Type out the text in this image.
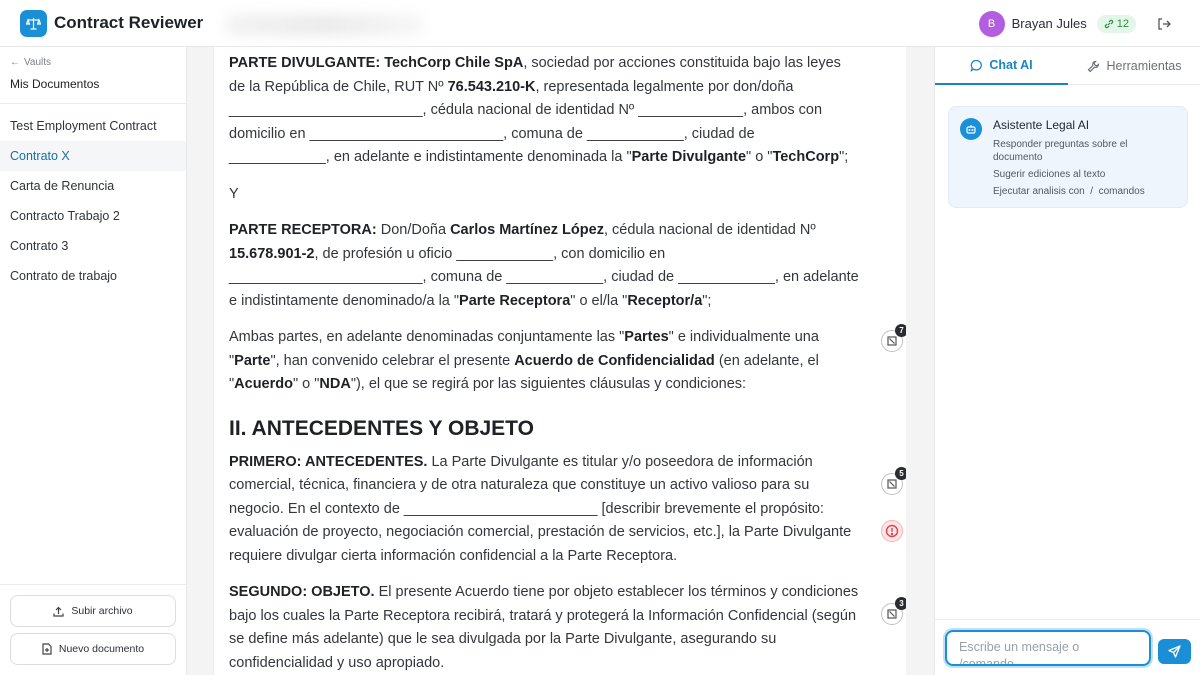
Contract Reviewer	B	Brayan Jules	12
← Vaults
Mis Documentos
Test Employment Contract
Contrato X
Carta de Renuncia
Contracto Trabajo 2
Contrato 3
Contrato de trabajo
Subir archivo
Nuevo documento

PARTE DIVULGANTE: TechCorp Chile SpA, sociedad por acciones constituida bajo las leyes de la República de Chile, RUT Nº 76.543.210-K, representada legalmente por don/doña ________________________, cédula nacional de identidad Nº _____________, ambos con domicilio en ________________________, comuna de ____________, ciudad de ____________, en adelante e indistintamente denominada la "Parte Divulgante" o "TechCorp";

Y

PARTE RECEPTORA: Don/Doña Carlos Martínez López, cédula nacional de identidad Nº 15.678.901-2, de profesión u oficio ____________, con domicilio en ________________________, comuna de ____________, ciudad de ____________, en adelante e indistintamente denominado/a la "Parte Receptora" o el/la "Receptor/a";

Ambas partes, en adelante denominadas conjuntamente las "Partes" e individualmente una "Parte", han convenido celebrar el presente Acuerdo de Confidencialidad (en adelante, el "Acuerdo" o "NDA"), el que se regirá por las siguientes cláusulas y condiciones:

II. ANTECEDENTES Y OBJETO

PRIMERO: ANTECEDENTES. La Parte Divulgante es titular y/o poseedora de información comercial, técnica, financiera y de otra naturaleza que constituye un activo valioso para su negocio. En el contexto de ________________________ [describir brevemente el propósito: evaluación de proyecto, negociación comercial, prestación de servicios, etc.], la Parte Divulgante requiere divulgar cierta información confidencial a la Parte Receptora.

SEGUNDO: OBJETO. El presente Acuerdo tiene por objeto establecer los términos y condiciones bajo los cuales la Parte Receptora recibirá, tratará y protegerá la Información Confidencial (según se define más adelante) que le sea divulgada por la Parte Divulgante, asegurando su confidencialidad y uso apropiado.

7
5
3
Chat AI	Herramientas
Asistente Legal AI
Responder preguntas sobre el documento
Sugerir ediciones al texto
Ejecutar analisis con  /  comandos
Escribe un mensaje o /comando...
